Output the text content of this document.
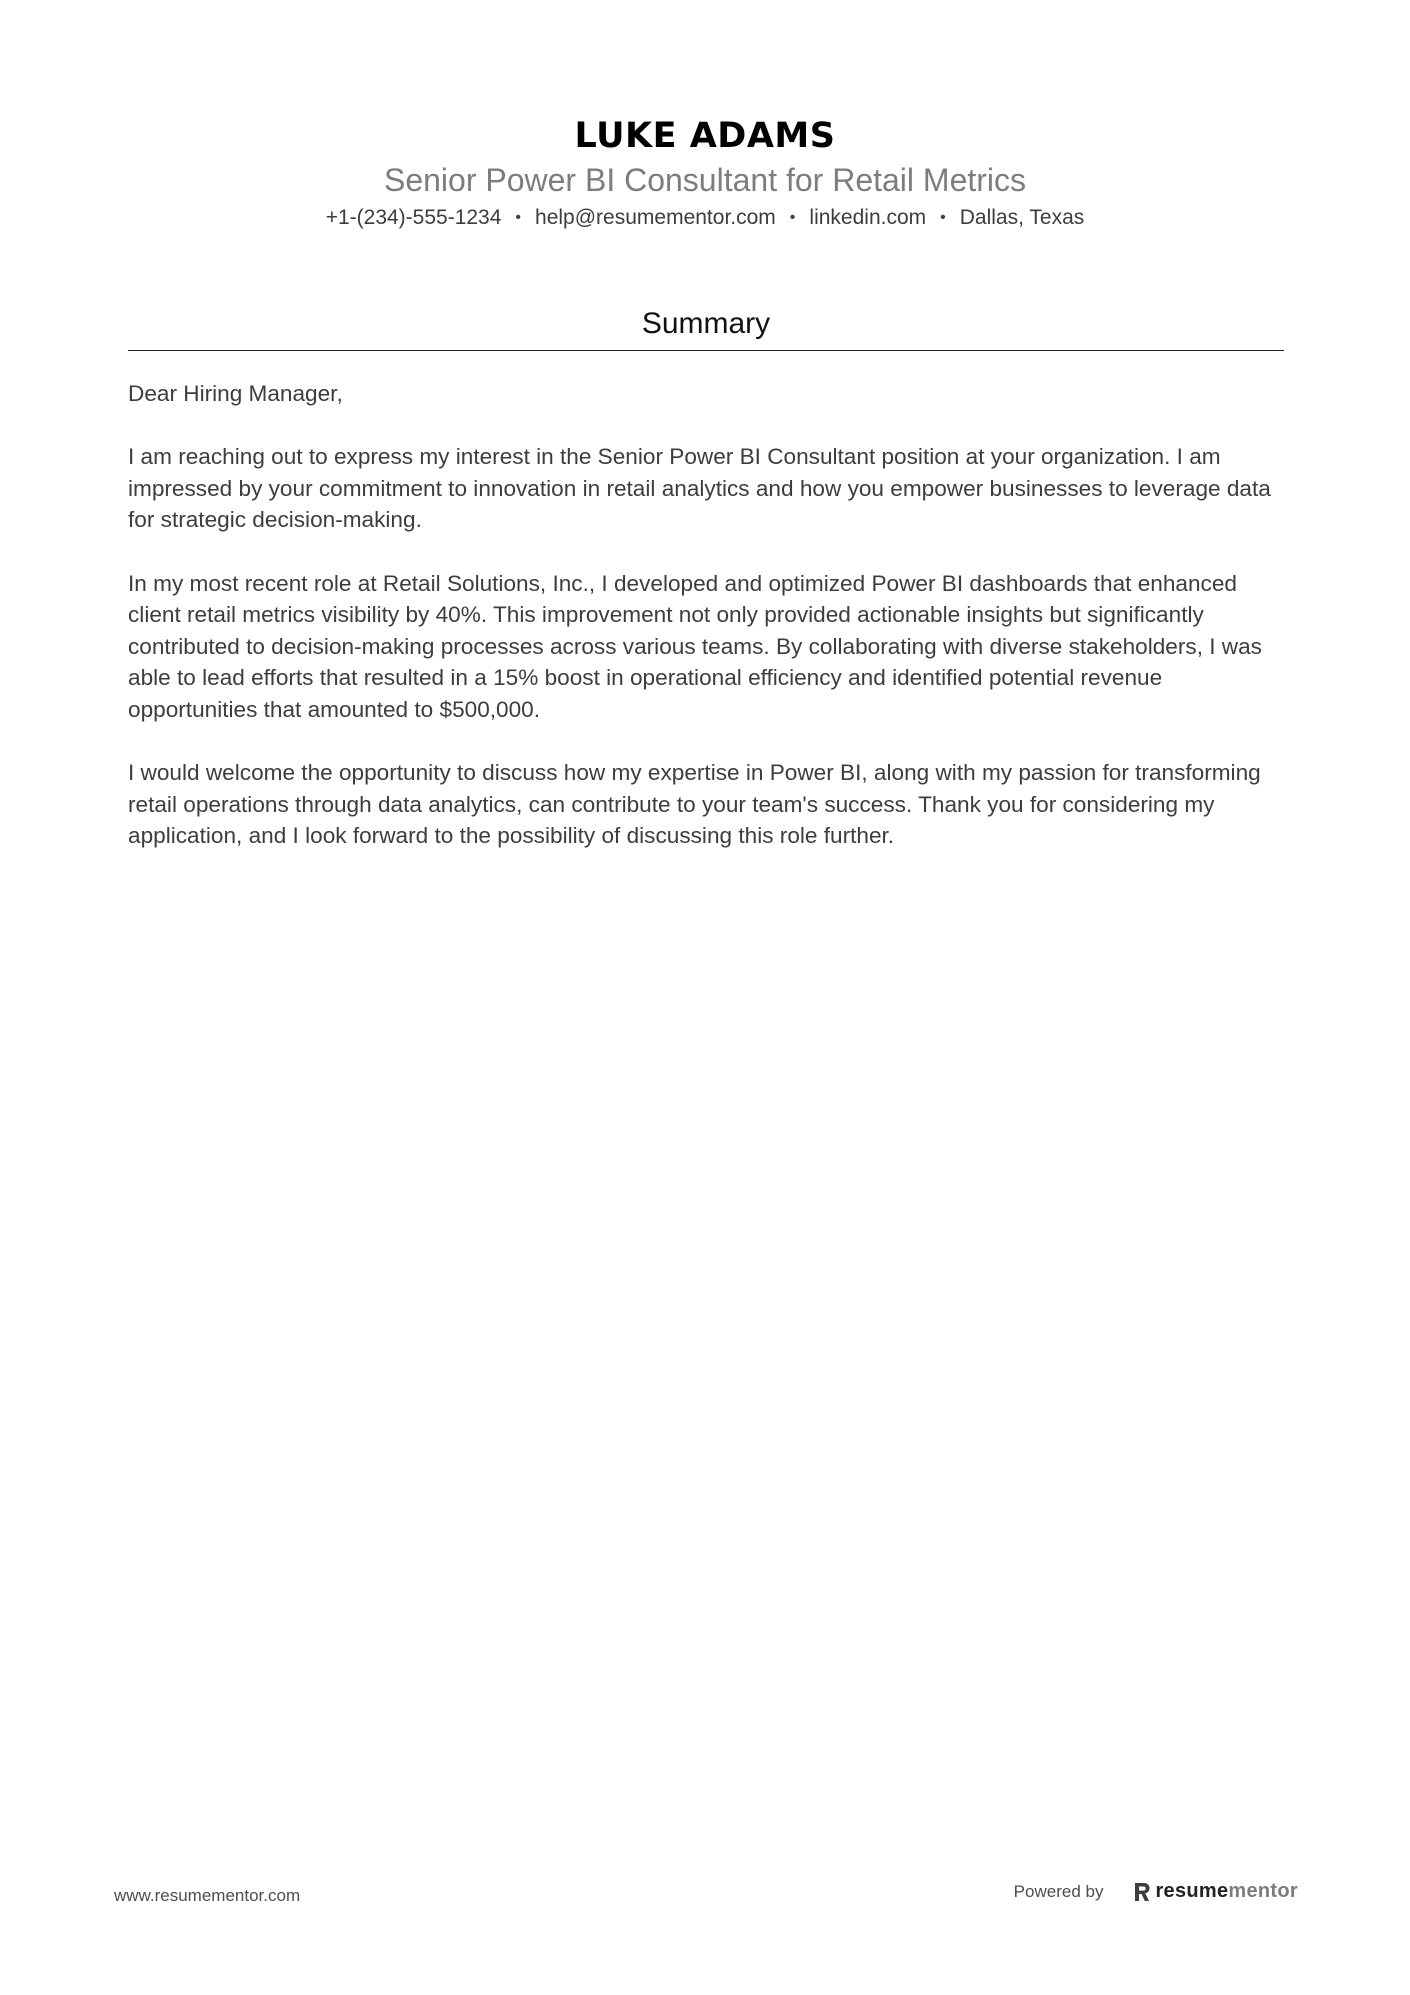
LUKE ADAMS
Senior Power BI Consultant for Retail Metrics
+1-(234)-555-1234 • help@resumementor.com • linkedin.com • Dallas, Texas
Summary

Dear Hiring Manager,

I am reaching out to express my interest in the Senior Power BI Consultant position at your organization. I am impressed by your commitment to innovation in retail analytics and how you empower businesses to leverage data for strategic decision-making.

In my most recent role at Retail Solutions, Inc., I developed and optimized Power BI dashboards that enhanced client retail metrics visibility by 40%. This improvement not only provided actionable insights but significantly contributed to decision-making processes across various teams. By collaborating with diverse stakeholders, I was able to lead efforts that resulted in a 15% boost in operational efficiency and identified potential revenue opportunities that amounted to $500,000.

I would welcome the opportunity to discuss how my expertise in Power BI, along with my passion for transforming retail operations through data analytics, can contribute to your team's success. Thank you for considering my application, and I look forward to the possibility of discussing this role further.

www.resumementor.com	Powered by	resume mentor
